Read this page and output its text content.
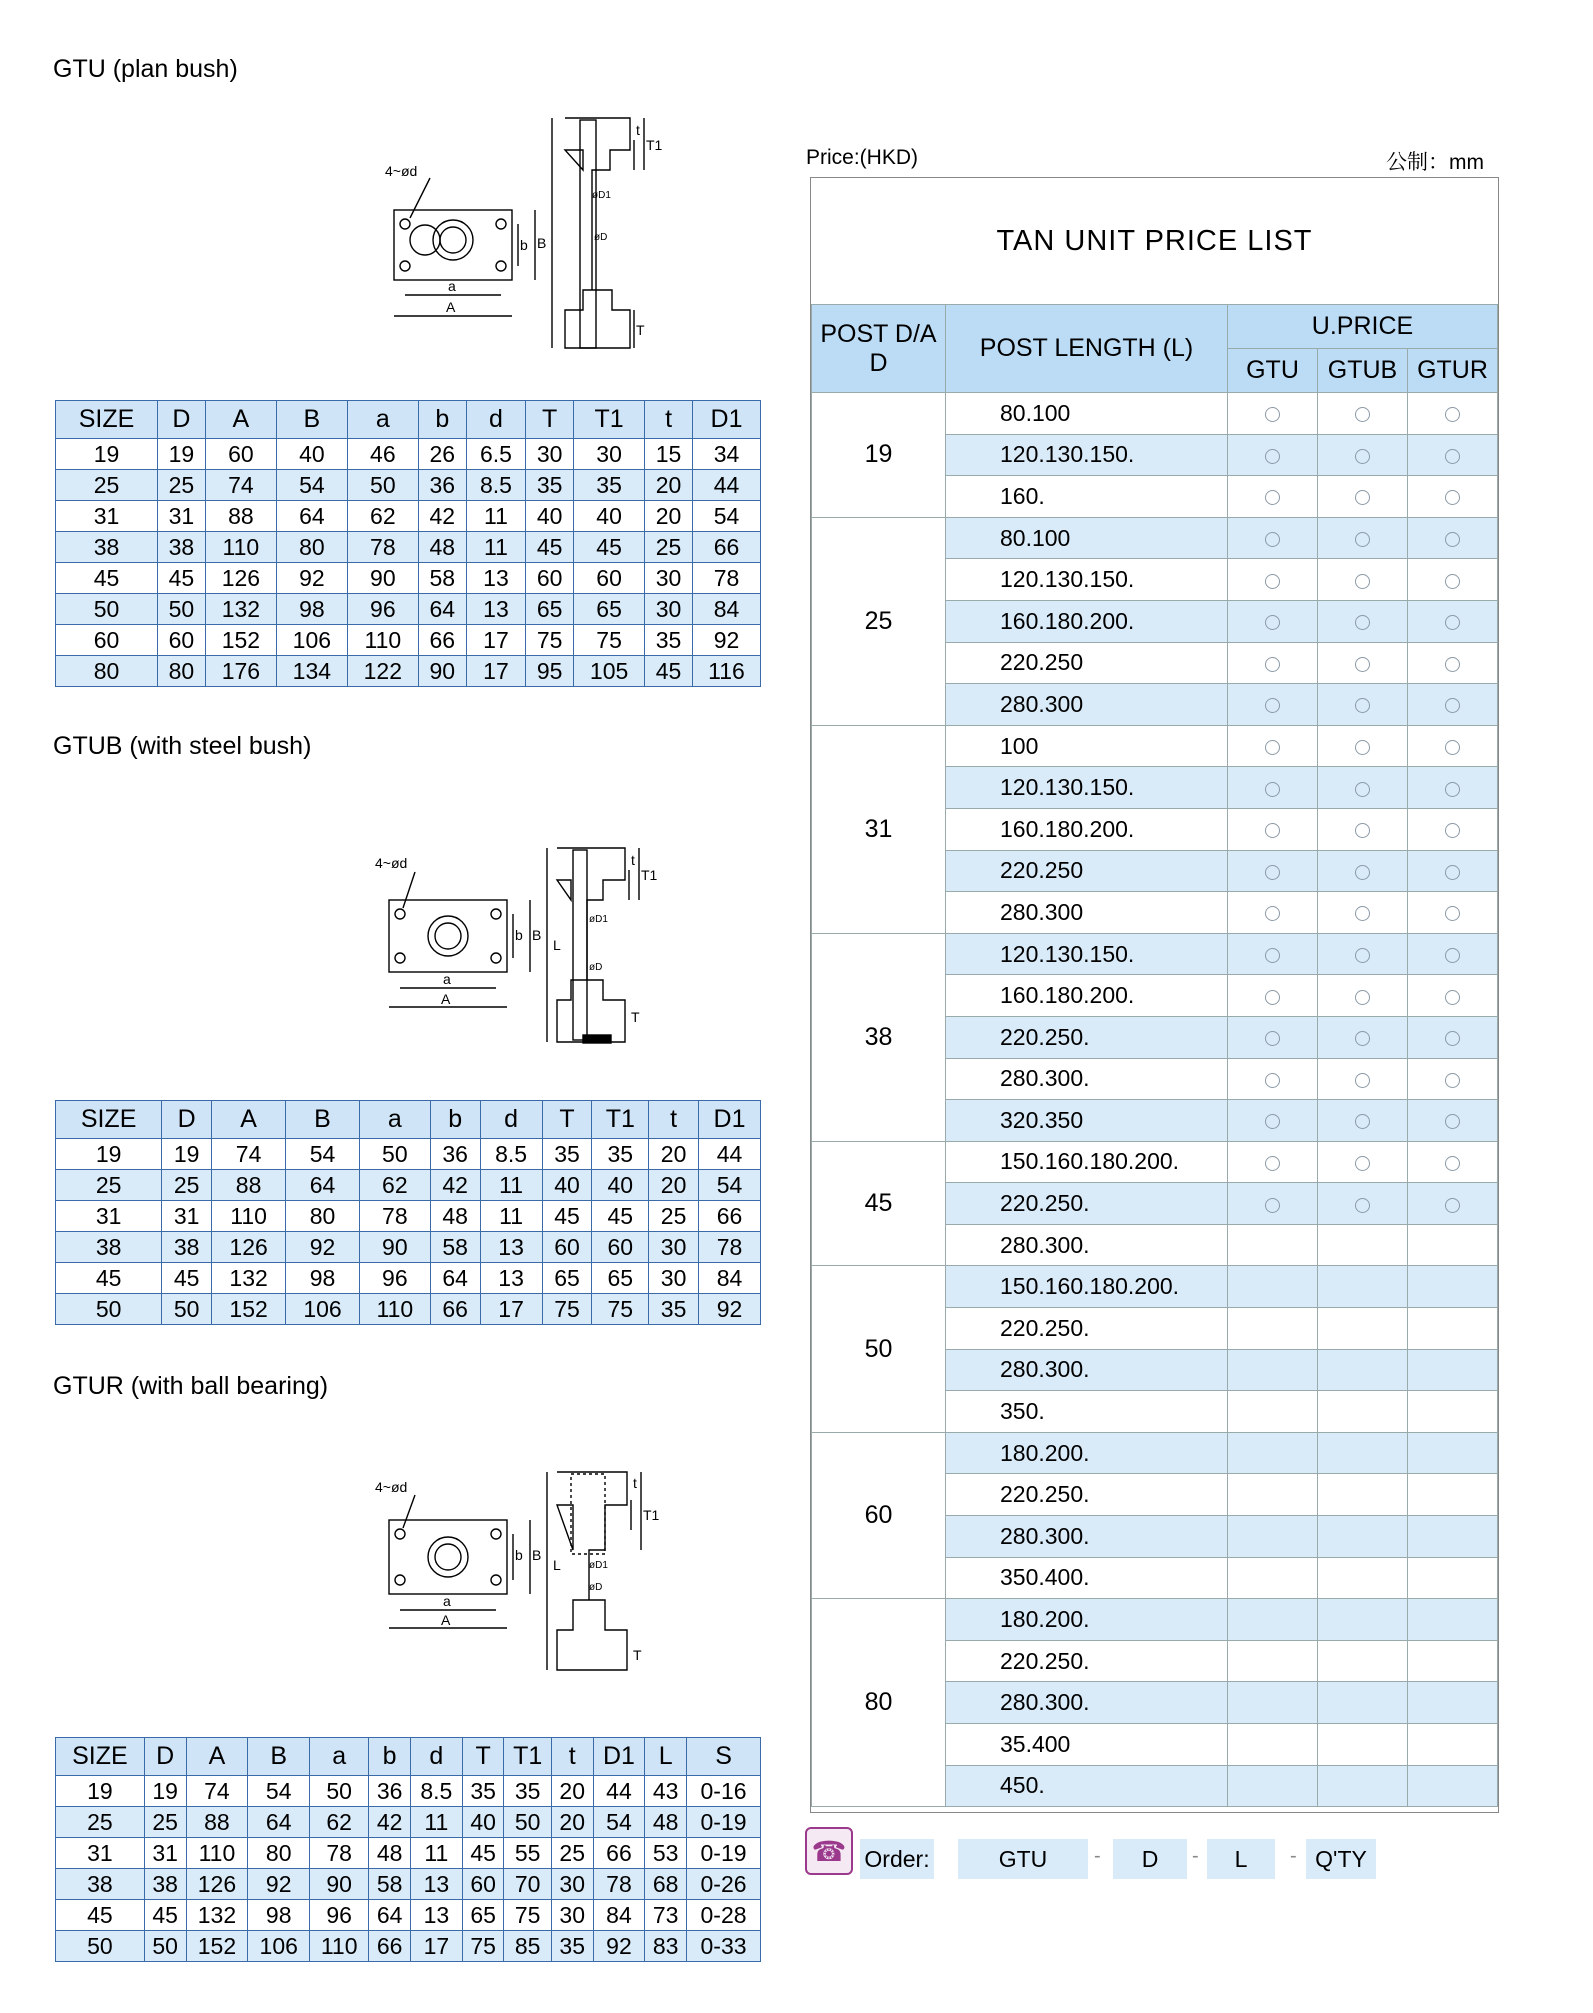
GTU (plan bush)
GTUB (with steel bush)
GTUR (with ball bearing)
4~ød
a
A
b B
t
T1
T
øD1
øD
4~ød
a
A
b B
L
t
T1
T
øD1
øD
4~ød
a
A
b B
L
t
T1
T
øD1
øD
SIZE	D	A	B	a	b	d	T	T1	t	D1
19	19	60	40	46	26	6.5	30	30	15	34
25	25	74	54	50	36	8.5	35	35	20	44
31	31	88	64	62	42	11	40	40	20	54
38	38	110	80	78	48	11	45	45	25	66
45	45	126	92	90	58	13	60	60	30	78
50	50	132	98	96	64	13	65	65	30	84
60	60	152	106	110	66	17	75	75	35	92
80	80	176	134	122	90	17	95	105	45	116
SIZE	D	A	B	a	b	d	T	T1	t	D1
19	19	74	54	50	36	8.5	35	35	20	44
25	25	88	64	62	42	11	40	40	20	54
31	31	110	80	78	48	11	45	45	25	66
38	38	126	92	90	58	13	60	60	30	78
45	45	132	98	96	64	13	65	65	30	84
50	50	152	106	110	66	17	75	75	35	92
SIZE	D	A	B	a	b	d	T	T1	t	D1	L	S
19	19	74	54	50	36	8.5	35	35	20	44	43	0-16
25	25	88	64	62	42	11	40	50	20	54	48	0-19
31	31	110	80	78	48	11	45	55	25	66	53	0-19
38	38	126	92	90	58	13	60	70	30	78	68	0-26
45	45	132	98	96	64	13	65	75	30	84	73	0-28
50	50	152	106	110	66	17	75	85	35	92	83	0-33
Price:(HKD)	公制：mm
TAN UNIT PRICE LIST
POST D/A D	POST LENGTH (L)	U.PRICE		
		GTU	GTUB	GTUR
19	80.100			
	120.130.150.			
	160.			
25	80.100			
	120.130.150.			
	160.180.200.			
	220.250			
	280.300			
31	100			
	120.130.150.			
	160.180.200.			
	220.250			
	280.300			
38	120.130.150.			
	160.180.200.			
	220.250.			
	280.300.			
	320.350			
45	150.160.180.200.			
	220.250.			
	280.300.			
50	150.160.180.200.			
	220.250.			
	280.300.			
	350.			
60	180.200.			
	220.250.			
	280.300.			
	350.400.			
80	180.200.			
	220.250.			
	280.300.			
	35.400			
	450.			
☎ Order:	GTU	-	D	-	L	- Q'TY
